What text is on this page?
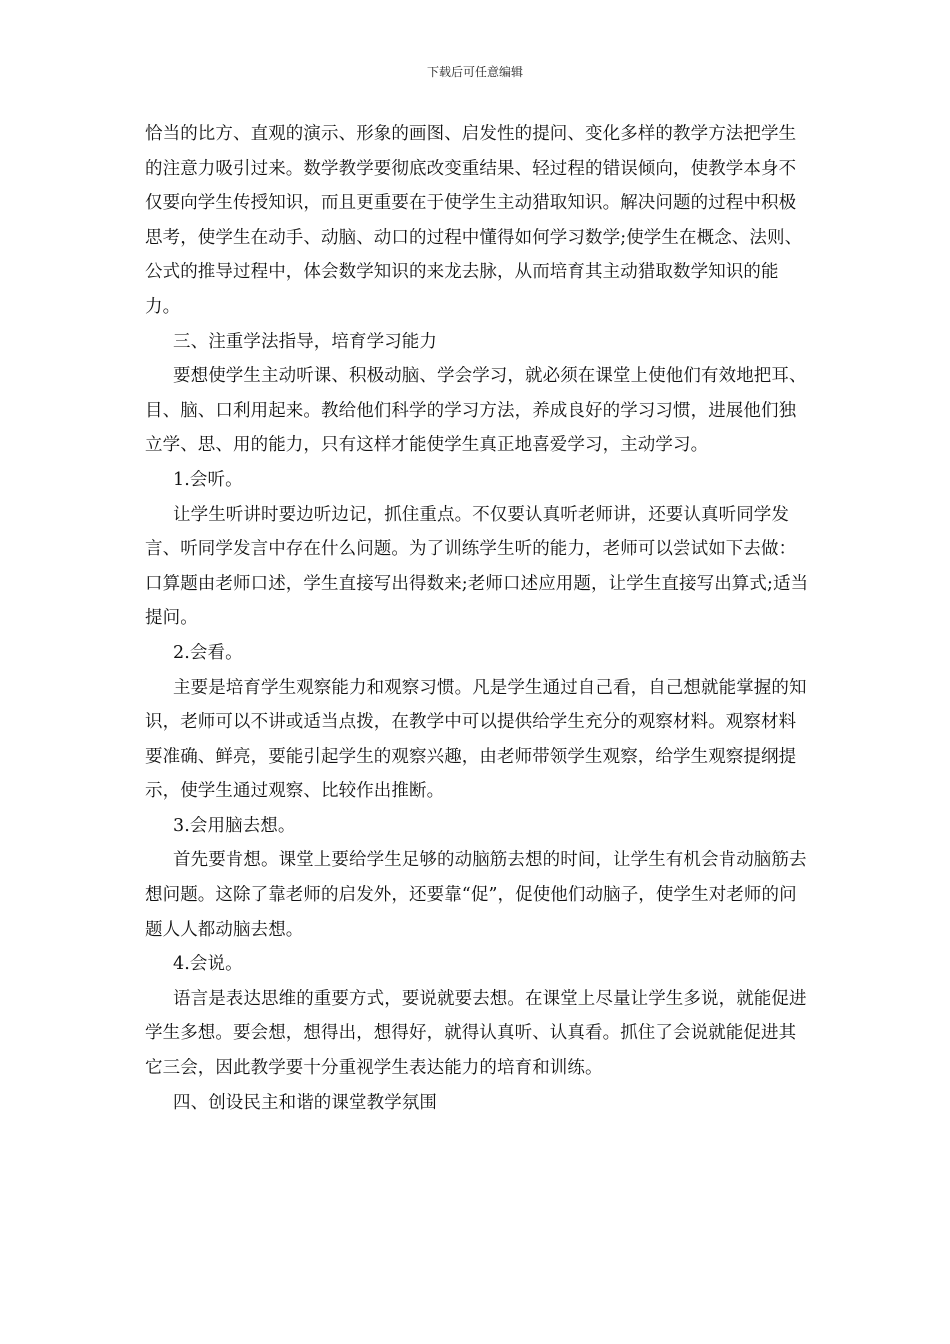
下载后可任意编辑

恰当的比方、直观的演示、形象的画图、启发性的提问、变化多样的教学方法把学生的注意力吸引过来。数学教学要彻底改变重结果、轻过程的错误倾向，使教学本身不仅要向学生传授知识，而且更重要在于使学生主动猎取知识。解决问题的过程中积极思考，使学生在动手、动脑、动口的过程中懂得如何学习数学;使学生在概念、法则、公式的推导过程中，体会数学知识的来龙去脉，从而培育其主动猎取数学知识的能力。

三、注重学法指导，培育学习能力

要想使学生主动听课、积极动脑、学会学习，就必须在课堂上使他们有效地把耳、目、脑、口利用起来。教给他们科学的学习方法，养成良好的学习习惯，进展他们独立学、思、用的能力，只有这样才能使学生真正地喜爱学习，主动学习。

1.会听。

让学生听讲时要边听边记，抓住重点。不仅要认真听老师讲，还要认真听同学发言、听同学发言中存在什么问题。为了训练学生听的能力，老师可以尝试如下去做：口算题由老师口述，学生直接写出得数来;老师口述应用题，让学生直接写出算式;适当提问。

2.会看。

主要是培育学生观察能力和观察习惯。凡是学生通过自己看，自己想就能掌握的知识，老师可以不讲或适当点拨，在教学中可以提供给学生充分的观察材料。观察材料要准确、鲜亮，要能引起学生的观察兴趣，由老师带领学生观察，给学生观察提纲提示，使学生通过观察、比较作出推断。

3.会用脑去想。

首先要肯想。课堂上要给学生足够的动脑筋去想的时间，让学生有机会肯动脑筋去想问题。这除了靠老师的启发外，还要靠“促”，促使他们动脑子，使学生对老师的问题人人都动脑去想。

4.会说。

语言是表达思维的重要方式，要说就要去想。在课堂上尽量让学生多说，就能促进学生多想。要会想，想得出，想得好，就得认真听、认真看。抓住了会说就能促进其它三会，因此教学要十分重视学生表达能力的培育和训练。

四、创设民主和谐的课堂教学氛围
